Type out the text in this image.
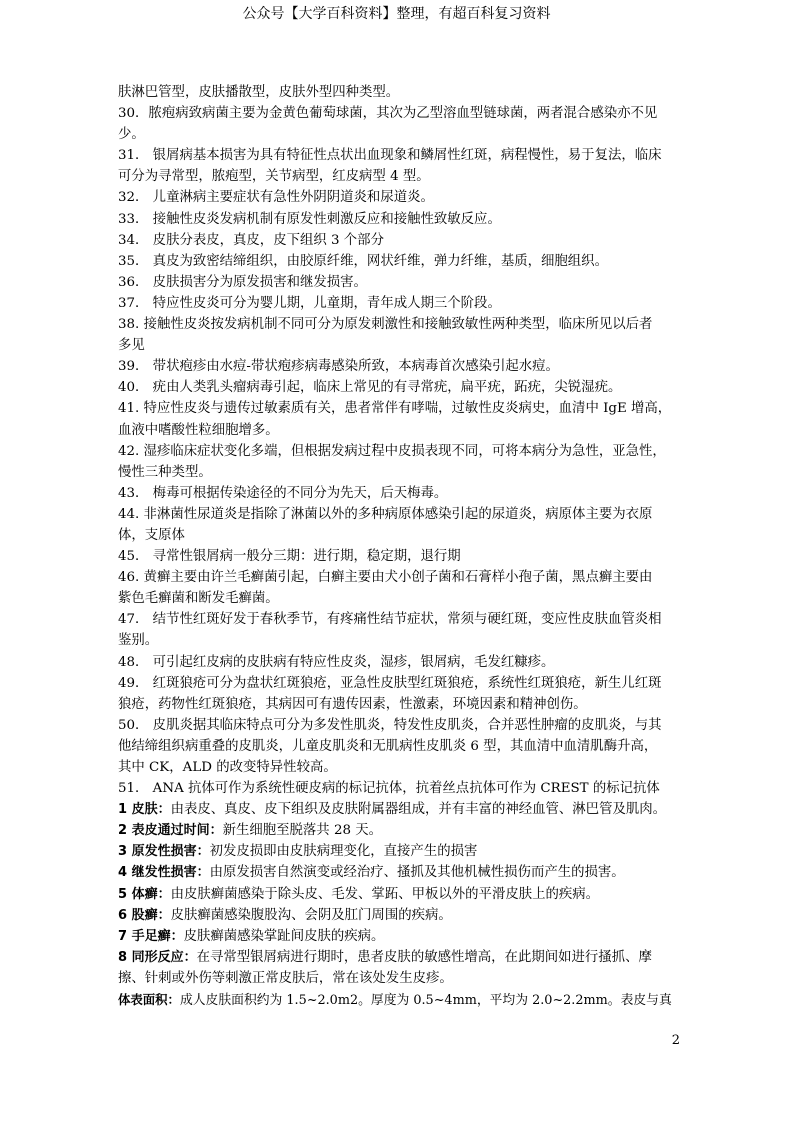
公众号【大学百科资料】整理，有超百科复习资料

肤淋巴管型，皮肤播散型，皮肤外型四种类型。

30．脓疱病致病菌主要为金黄色葡萄球菌，其次为乙型溶血型链球菌，两者混合感染亦不见

少。

31． 银屑病基本损害为具有特征性点状出血现象和鳞屑性红斑，病程慢性，易于复法，临床

可分为寻常型，脓疱型，关节病型，红皮病型 4 型。

32． 儿童淋病主要症状有急性外阴阴道炎和尿道炎。

33． 接触性皮炎发病机制有原发性刺激反应和接触性致敏反应。

34． 皮肤分表皮，真皮，皮下组织 3 个部分

35． 真皮为致密结缔组织，由胶原纤维，网状纤维，弹力纤维，基质，细胞组织。

36． 皮肤损害分为原发损害和继发损害。

37． 特应性皮炎可分为婴儿期，儿童期，青年成人期三个阶段。

38. 接触性皮炎按发病机制不同可分为原发刺激性和接触致敏性两种类型，临床所见以后者

多见

39． 带状疱疹由水痘-带状疱疹病毒感染所致，本病毒首次感染引起水痘。

40． 疣由人类乳头瘤病毒引起，临床上常见的有寻常疣，扁平疣，跖疣，尖锐湿疣。

41. 特应性皮炎与遗传过敏素质有关，患者常伴有哮喘，过敏性皮炎病史，血清中 IgE 增高，

血液中嗜酸性粒细胞增多。

42. 湿疹临床症状变化多端，但根据发病过程中皮损表现不同，可将本病分为急性，亚急性，

慢性三种类型。

43． 梅毒可根据传染途径的不同分为先天，后天梅毒。

44. 非淋菌性尿道炎是指除了淋菌以外的多种病原体感染引起的尿道炎，病原体主要为衣原

体，支原体

45． 寻常性银屑病一般分三期：进行期，稳定期，退行期

46. 黄癣主要由许兰毛癣菌引起，白癣主要由犬小创子菌和石膏样小孢子菌，黑点癣主要由

紫色毛癣菌和断发毛癣菌。

47． 结节性红斑好发于春秋季节，有疼痛性结节症状，常须与硬红斑，变应性皮肤血管炎相

鉴别。

48． 可引起红皮病的皮肤病有特应性皮炎，湿疹，银屑病，毛发红糠疹。

49． 红斑狼疮可分为盘状红斑狼疮，亚急性皮肤型红斑狼疮，系统性红斑狼疮，新生儿红斑

狼疮，药物性红斑狼疮，其病因可有遗传因素，性激素，环境因素和精神创伤。

50． 皮肌炎据其临床特点可分为多发性肌炎，特发性皮肌炎，合并恶性肿瘤的皮肌炎，与其

他结缔组织病重叠的皮肌炎，儿童皮肌炎和无肌病性皮肌炎 6 型，其血清中血清肌酶升高，

其中 CK，ALD 的改变特异性较高。

51． ANA 抗体可作为系统性硬皮病的标记抗体，抗着丝点抗体可作为 CREST 的标记抗体

1 皮肤：由表皮、真皮、皮下组织及皮肤附属器组成，并有丰富的神经血管、淋巴管及肌肉。

2 表皮通过时间：新生细胞至脱落共 28 天。

3 原发性损害：初发皮损即由皮肤病理变化，直接产生的损害

4 继发性损害：由原发损害自然演变或经治疗、搔抓及其他机械性损伤而产生的损害。

5 体癣：由皮肤癣菌感染于除头皮、毛发、掌跖、甲板以外的平滑皮肤上的疾病。

6 股癣：皮肤癣菌感染腹股沟、会阴及肛门周围的疾病。

7 手足癣：皮肤癣菌感染掌趾间皮肤的疾病。

8 同形反应：在寻常型银屑病进行期时，患者皮肤的敏感性增高，在此期间如进行搔抓、摩

擦、针刺或外伤等刺激正常皮肤后，常在该处发生皮疹。

体表面积：成人皮肤面积约为 1.5~2.0m2。厚度为 0.5~4mm，平均为 2.0~2.2mm。表皮与真

2
